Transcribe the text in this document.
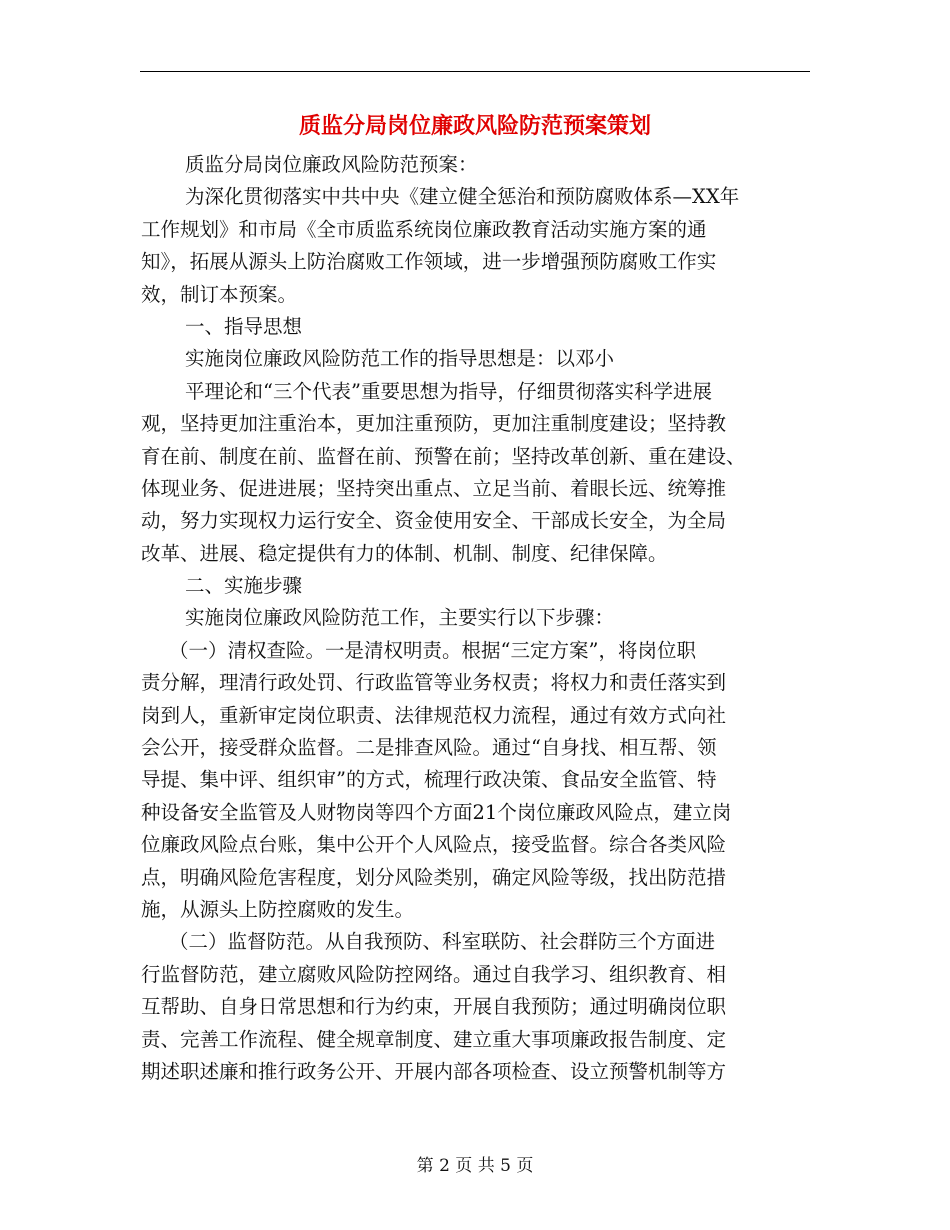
质监分局岗位廉政风险防范预案策划
质监分局岗位廉政风险防范预案：
为深化贯彻落实中共中央《建立健全惩治和预防腐败体系—XX年
工作规划》和市局《全市质监系统岗位廉政教育活动实施方案的通
知》，拓展从源头上防治腐败工作领域，进一步增强预防腐败工作实
效，制订本预案。
一、指导思想
实施岗位廉政风险防范工作的指导思想是：以邓小
平理论和“三个代表”重要思想为指导，仔细贯彻落实科学进展
观，坚持更加注重治本，更加注重预防，更加注重制度建设；坚持教
育在前、制度在前、监督在前、预警在前；坚持改革创新、重在建设、
体现业务、促进进展；坚持突出重点、立足当前、着眼长远、统筹推
动，努力实现权力运行安全、资金使用安全、干部成长安全，为全局
改革、进展、稳定提供有力的体制、机制、制度、纪律保障。
二、实施步骤
实施岗位廉政风险防范工作，主要实行以下步骤：
（一）清权查险。一是清权明责。根据“三定方案”，将岗位职
责分解，理清行政处罚、行政监管等业务权责；将权力和责任落实到
岗到人，重新审定岗位职责、法律规范权力流程，通过有效方式向社
会公开，接受群众监督。二是排查风险。通过“自身找、相互帮、领
导提、集中评、组织审”的方式，梳理行政决策、食品安全监管、特
种设备安全监管及人财物岗等四个方面21个岗位廉政风险点，建立岗
位廉政风险点台账，集中公开个人风险点，接受监督。综合各类风险
点，明确风险危害程度，划分风险类别，确定风险等级，找出防范措
施，从源头上防控腐败的发生。
（二）监督防范。从自我预防、科室联防、社会群防三个方面进
行监督防范，建立腐败风险防控网络。通过自我学习、组织教育、相
互帮助、自身日常思想和行为约束，开展自我预防；通过明确岗位职
责、完善工作流程、健全规章制度、建立重大事项廉政报告制度、定
期述职述廉和推行政务公开、开展内部各项检查、设立预警机制等方
第 2 页 共 5 页
